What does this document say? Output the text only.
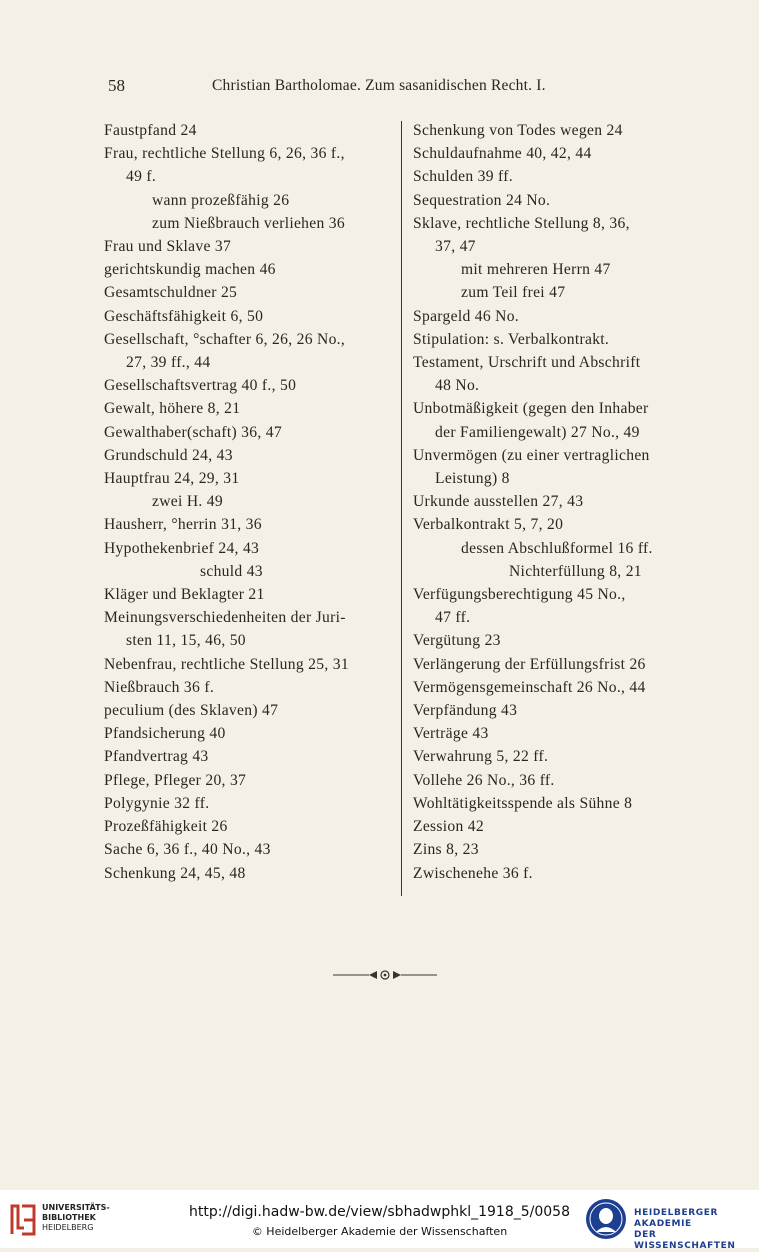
58	Christian Bartholomae. Zum sasanidischen Recht. I.
Faustpfand 24
Frau, rechtliche Stellung 6, 26, 36 f.,
49 f.
wann prozeßfähig 26
zum Nießbrauch verliehen 36
Frau und Sklave 37
gerichtskundig machen 46
Gesamtschuldner 25
Geschäftsfähigkeit 6, 50
Gesellschaft, °schafter 6, 26, 26 No.,
27, 39 ff., 44
Gesellschaftsvertrag 40 f., 50
Gewalt, höhere 8, 21
Gewalthaber(schaft) 36, 47
Grundschuld 24, 43
Hauptfrau 24, 29, 31
zwei H. 49
Hausherr, °herrin 31, 36
Hypothekenbrief 24, 43
schuld 43
Kläger und Beklagter 21
Meinungsverschiedenheiten der Juri-
sten 11, 15, 46, 50
Nebenfrau, rechtliche Stellung 25, 31
Nießbrauch 36 f.
peculium (des Sklaven) 47
Pfandsicherung 40
Pfandvertrag 43
Pflege, Pfleger 20, 37
Polygynie 32 ff.
Prozeßfähigkeit 26
Sache 6, 36 f., 40 No., 43
Schenkung 24, 45, 48
Schenkung von Todes wegen 24
Schuldaufnahme 40, 42, 44
Schulden 39 ff.
Sequestration 24 No.
Sklave, rechtliche Stellung 8, 36,
37, 47
mit mehreren Herrn 47
zum Teil frei 47
Spargeld 46 No.
Stipulation: s. Verbalkontrakt.
Testament, Urschrift und Abschrift
48 No.
Unbotmäßigkeit (gegen den Inhaber
der Familiengewalt) 27 No., 49
Unvermögen (zu einer vertraglichen
Leistung) 8
Urkunde ausstellen 27, 43
Verbalkontrakt 5, 7, 20
dessen Abschlußformel 16 ff.
Nichterfüllung 8, 21
Verfügungsberechtigung 45 No.,
47 ff.
Vergütung 23
Verlängerung der Erfüllungsfrist 26
Vermögensgemeinschaft 26 No., 44
Verpfändung 43
Verträge 43
Verwahrung 5, 22 ff.
Vollehe 26 No., 36 ff.
Wohltätigkeitsspende als Sühne 8
Zession 42
Zins 8, 23
Zwischenehe 36 f.
UNIVERSITÄTS-
BIBLIOTHEK
HEIDELBERG
http://digi.hadw-bw.de/view/sbhadwphkl_1918_5/0058
© Heidelberger Akademie der Wissenschaften
HEIDELBERGER AKADEMIE
DER WISSENSCHAFTEN
